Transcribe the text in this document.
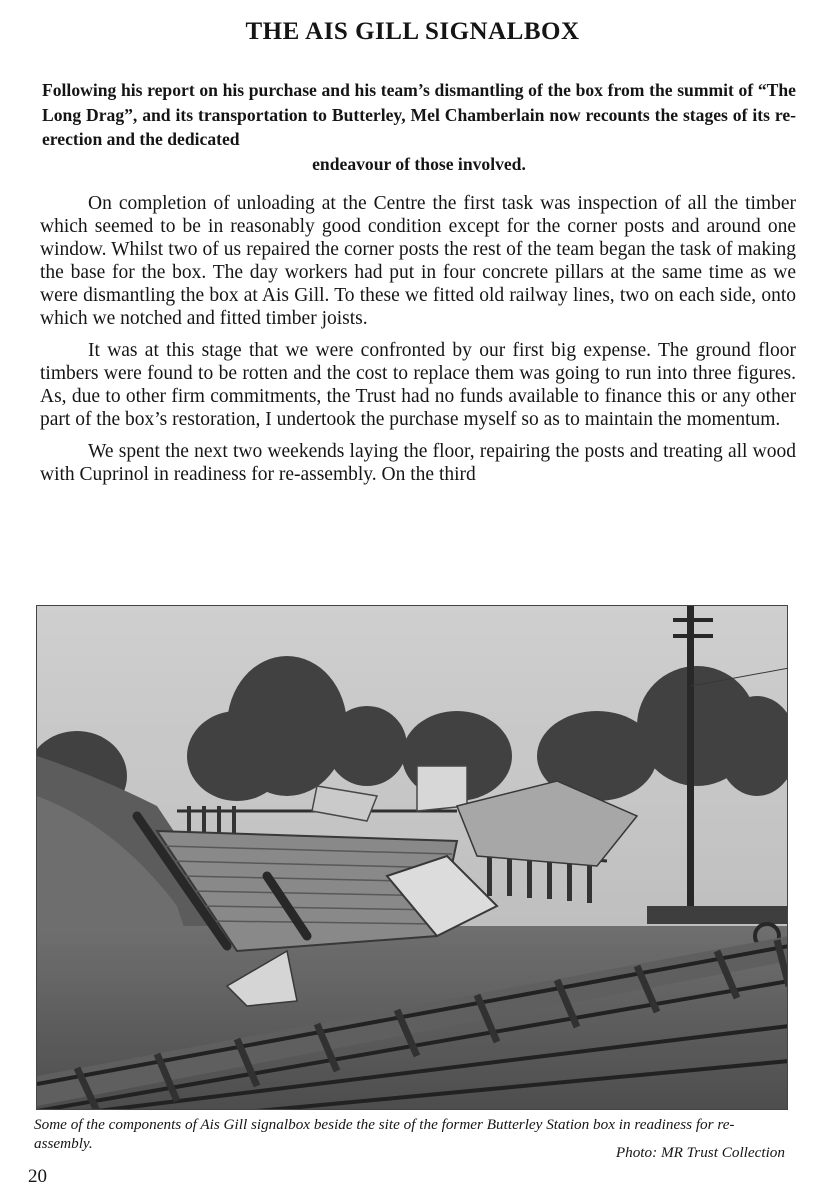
THE AIS GILL SIGNALBOX
Following his report on his purchase and his team’s dismantling of the box from the summit of “The Long Drag”, and its transportation to Butterley, Mel Chamberlain now recounts the stages of its re-erection and the dedicated
endeavour of those involved.

On completion of unloading at the Centre the first task was inspection of all the timber which seemed to be in reasonably good condition except for the corner posts and around one window. Whilst two of us repaired the corner posts the rest of the team began the task of making the base for the box. The day workers had put in four concrete pillars at the same time as we were dismantling the box at Ais Gill. To these we fitted old railway lines, two on each side, onto which we notched and fitted timber joists.

It was at this stage that we were confronted by our first big expense. The ground floor timbers were found to be rotten and the cost to replace them was going to run into three figures. As, due to other firm commitments, the Trust had no funds available to finance this or any other part of the box’s restoration, I undertook the purchase myself so as to maintain the momentum.

We spent the next two weekends laying the floor, repairing the posts and treating all wood with Cuprinol in readiness for re-assembly. On the third

Some of the components of Ais Gill signalbox beside the site of the former Butterley Station box in readiness for re-assembly.
Photo: MR Trust Collection
20
